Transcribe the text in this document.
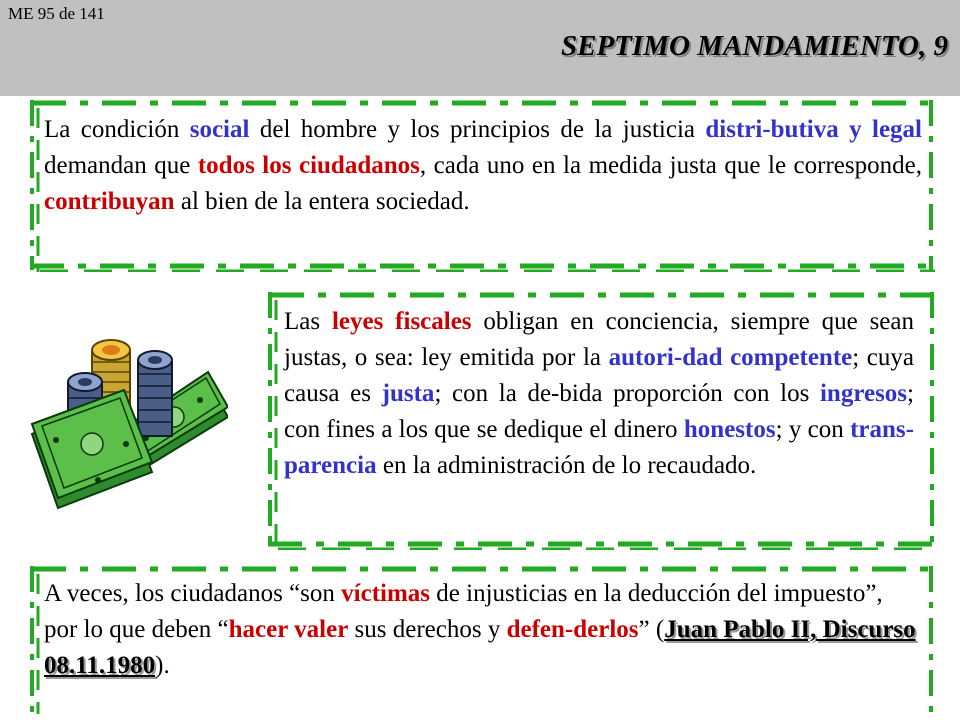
ME 95 de 141
SEPTIMO MANDAMIENTO, 9
La condición social del hombre y los principios de la justicia distri-butiva y legal demandan que todos los ciudadanos, cada uno en la medida justa que le corresponde, contribuyan al bien de la entera sociedad.
Las leyes fiscales obligan en conciencia, siempre que sean justas, o sea: ley emitida por la autori-dad competente; cuya causa es justa; con la de-bida proporción con los ingresos; con fines a los que se dedique el dinero honestos; y con trans-parencia en la administración de lo recaudado.
A veces, los ciudadanos “son víctimas de injusticias en la deducción del impuesto”, por lo que deben “hacer valer sus derechos y defen-derlos” (Juan Pablo II, Discurso 08.11.1980).
